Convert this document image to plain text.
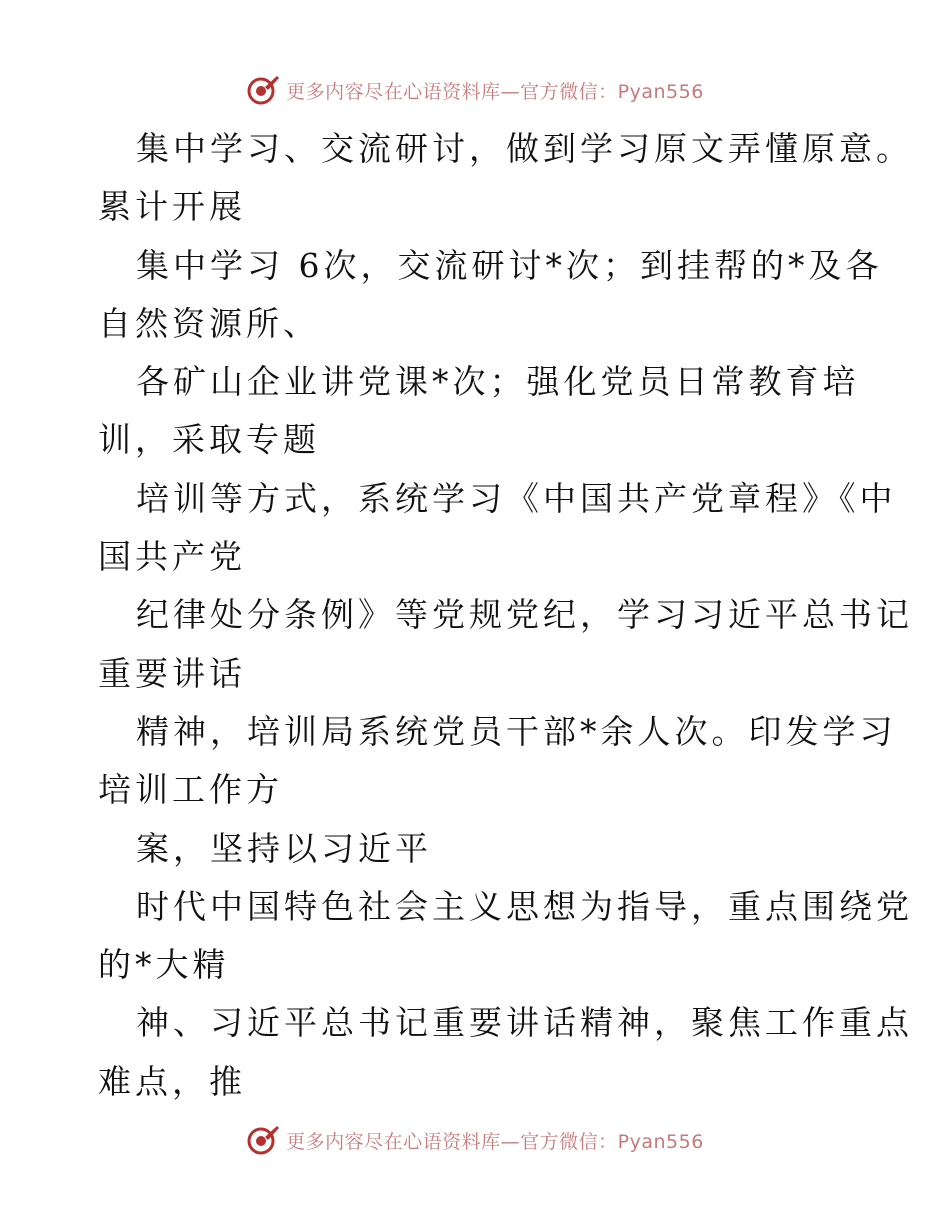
更多内容尽在心语资料库—官方微信：Pyan556
集中学习、交流研讨，做到学习原文弄懂原意。
累计开展
集中学习 6次，交流研讨*次；到挂帮的*及各
自然资源所、
各矿山企业讲党课*次；强化党员日常教育培
训，采取专题
培训等方式，系统学习《中国共产党章程》《中
国共产党
纪律处分条例》等党规党纪，学习习近平总书记
重要讲话
精神，培训局系统党员干部*余人次。印发学习
培训工作方
案，坚持以习近平
时代中国特色社会主义思想为指导，重点围绕党
的*大精
神、习近平总书记重要讲话精神，聚焦工作重点
难点，推
更多内容尽在心语资料库—官方微信：Pyan556
